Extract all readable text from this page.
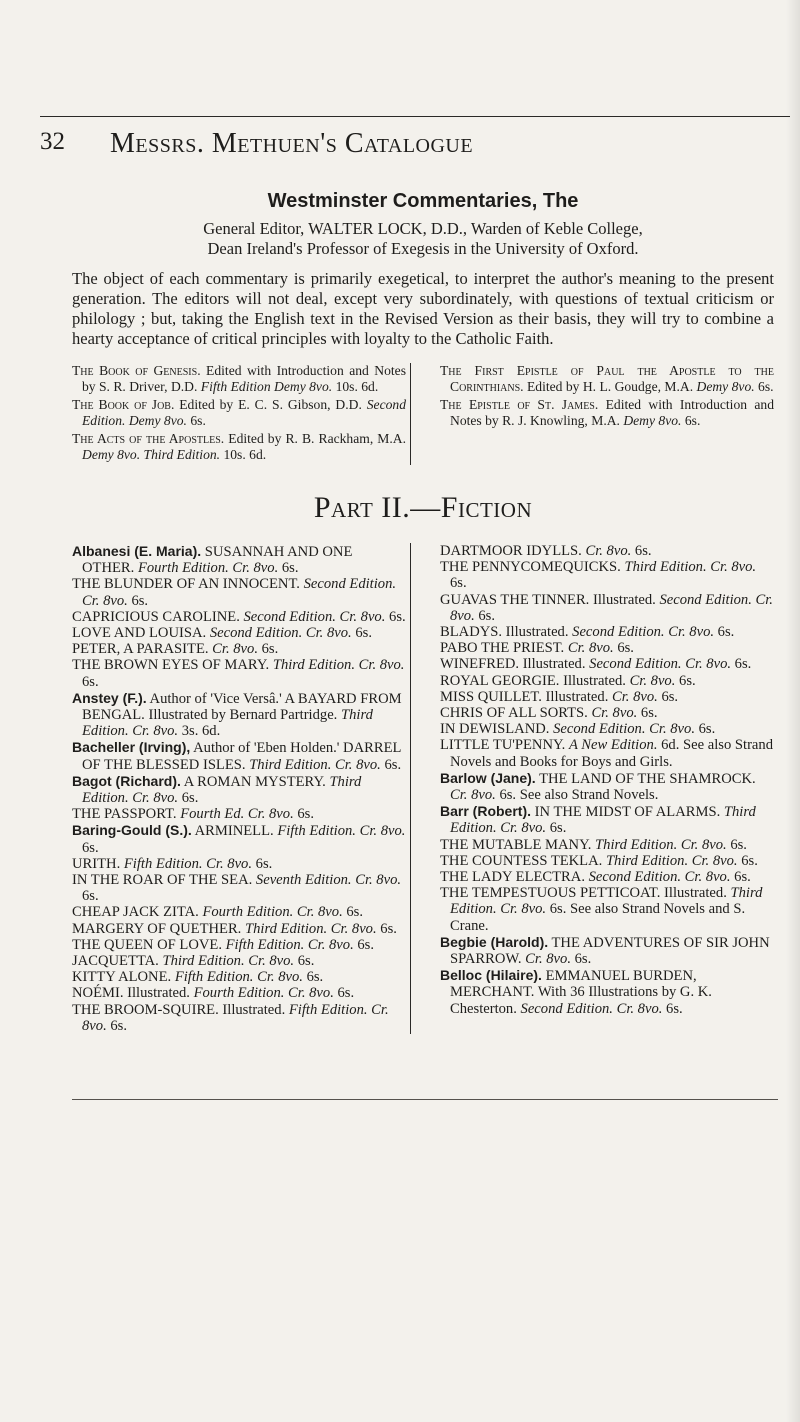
32 Messrs. Methuen's Catalogue

Westminster Commentaries, The

General Editor, WALTER LOCK, D.D., Warden of Keble College,

Dean Ireland's Professor of Exegesis in the University of Oxford.

The object of each commentary is primarily exegetical, to interpret the author's meaning to the present generation. The editors will not deal, except very subordinately, with questions of textual criticism or philology ; but, taking the English text in the Revised Version as their basis, they will try to combine a hearty acceptance of critical principles with loyalty to the Catholic Faith.

The Book of Genesis. Edited with Introduction and Notes by S. R. Driver, D.D. Fifth Edition Demy 8vo. 10s. 6d.

The Book of Job. Edited by E. C. S. Gibson, D.D. Second Edition. Demy 8vo. 6s.

The Acts of the Apostles. Edited by R. B. Rackham, M.A. Demy 8vo. Third Edition. 10s. 6d.

The First Epistle of Paul the Apostle to the Corinthians. Edited by H. L. Goudge, M.A. Demy 8vo. 6s.

The Epistle of St. James. Edited with Introduction and Notes by R. J. Knowling, M.A. Demy 8vo. 6s.

Part II.—Fiction

Albanesi (E. Maria). SUSANNAH AND ONE OTHER. Fourth Edition. Cr. 8vo. 6s.

THE BLUNDER OF AN INNOCENT. Second Edition. Cr. 8vo. 6s.

CAPRICIOUS CAROLINE. Second Edition. Cr. 8vo. 6s.

LOVE AND LOUISA. Second Edition. Cr. 8vo. 6s.

PETER, A PARASITE. Cr. 8vo. 6s.

THE BROWN EYES OF MARY. Third Edition. Cr. 8vo. 6s.

Anstey (F.). Author of 'Vice Versâ.' A BAYARD FROM BENGAL. Illustrated by Bernard Partridge. Third Edition. Cr. 8vo. 3s. 6d.

Bacheller (Irving), Author of 'Eben Holden.' DARREL OF THE BLESSED ISLES. Third Edition. Cr. 8vo. 6s.

Bagot (Richard). A ROMAN MYSTERY. Third Edition. Cr. 8vo. 6s.

THE PASSPORT. Fourth Ed. Cr. 8vo. 6s.

Baring-Gould (S.). ARMINELL. Fifth Edition. Cr. 8vo. 6s.

URITH. Fifth Edition. Cr. 8vo. 6s.

IN THE ROAR OF THE SEA. Seventh Edition. Cr. 8vo. 6s.

CHEAP JACK ZITA. Fourth Edition. Cr. 8vo. 6s.

MARGERY OF QUETHER. Third Edition. Cr. 8vo. 6s.

THE QUEEN OF LOVE. Fifth Edition. Cr. 8vo. 6s.

JACQUETTA. Third Edition. Cr. 8vo. 6s.

KITTY ALONE. Fifth Edition. Cr. 8vo. 6s.

NOÉMI. Illustrated. Fourth Edition. Cr. 8vo. 6s.

THE BROOM-SQUIRE. Illustrated. Fifth Edition. Cr. 8vo. 6s.

DARTMOOR IDYLLS. Cr. 8vo. 6s.

THE PENNYCOMEQUICKS. Third Edition. Cr. 8vo. 6s.

GUAVAS THE TINNER. Illustrated. Second Edition. Cr. 8vo. 6s.

BLADYS. Illustrated. Second Edition. Cr. 8vo. 6s.

PABO THE PRIEST. Cr. 8vo. 6s.

WINEFRED. Illustrated. Second Edition. Cr. 8vo. 6s.

ROYAL GEORGIE. Illustrated. Cr. 8vo. 6s.

MISS QUILLET. Illustrated. Cr. 8vo. 6s.

CHRIS OF ALL SORTS. Cr. 8vo. 6s.

IN DEWISLAND. Second Edition. Cr. 8vo. 6s.

LITTLE TU'PENNY. A New Edition. 6d. See also Strand Novels and Books for Boys and Girls.

Barlow (Jane). THE LAND OF THE SHAMROCK. Cr. 8vo. 6s. See also Strand Novels.

Barr (Robert). IN THE MIDST OF ALARMS. Third Edition. Cr. 8vo. 6s.

THE MUTABLE MANY. Third Edition. Cr. 8vo. 6s.

THE COUNTESS TEKLA. Third Edition. Cr. 8vo. 6s.

THE LADY ELECTRA. Second Edition. Cr. 8vo. 6s.

THE TEMPESTUOUS PETTICOAT. Illustrated. Third Edition. Cr. 8vo. 6s. See also Strand Novels and S. Crane.

Begbie (Harold). THE ADVENTURES OF SIR JOHN SPARROW. Cr. 8vo. 6s.

Belloc (Hilaire). EMMANUEL BURDEN, MERCHANT. With 36 Illustrations by G. K. Chesterton. Second Edition. Cr. 8vo. 6s.
